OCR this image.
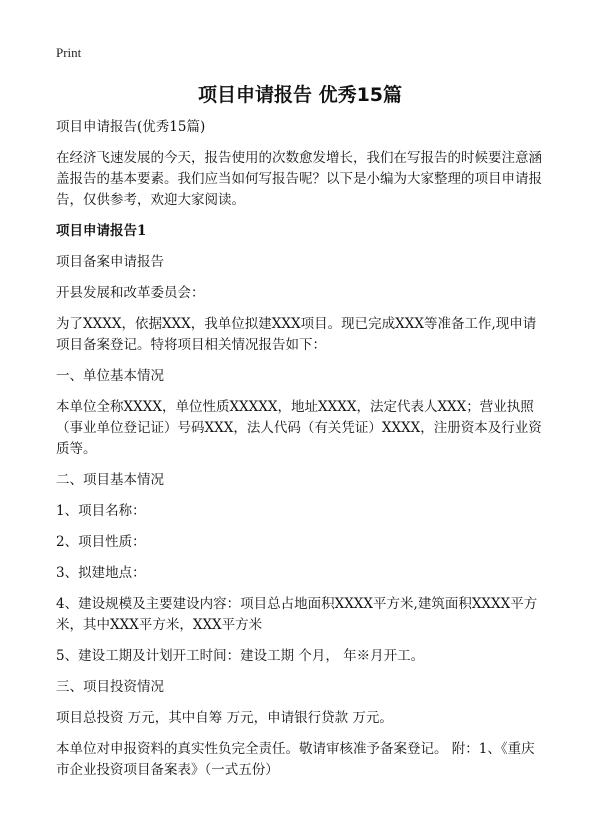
Print
项目申请报告 优秀15篇

项目申请报告(优秀15篇)

在经济飞速发展的今天，报告使用的次数愈发增长，我们在写报告的时候要注意涵盖报告的基本要素。我们应当如何写报告呢？以下是小编为大家整理的项目申请报告，仅供参考，欢迎大家阅读。

项目申请报告1

项目备案申请报告

开县发展和改革委员会：

为了XXXX，依据XXX，我单位拟建XXX项目。现已完成XXX等准备工作,现申请项目备案登记。特将项目相关情况报告如下：

一、单位基本情况

本单位全称XXXX，单位性质XXXXX，地址XXXX，法定代表人XXX；营业执照（事业单位登记证）号码XXX，法人代码（有关凭证）XXXX，注册资本及行业资质等。

二、项目基本情况

1、项目名称：

2、项目性质：

3、拟建地点：

4、建设规模及主要建设内容：项目总占地面积XXXX平方米,建筑面积XXXX平方米，其中XXX平方米，XXX平方米

5、建设工期及计划开工时间：建设工期 个月， 年※月开工。

三、项目投资情况

项目总投资 万元，其中自筹 万元，申请银行贷款 万元。

本单位对申报资料的真实性负完全责任。敬请审核准予备案登记。 附：1、《重庆市企业投资项目备案表》（一式五份）
